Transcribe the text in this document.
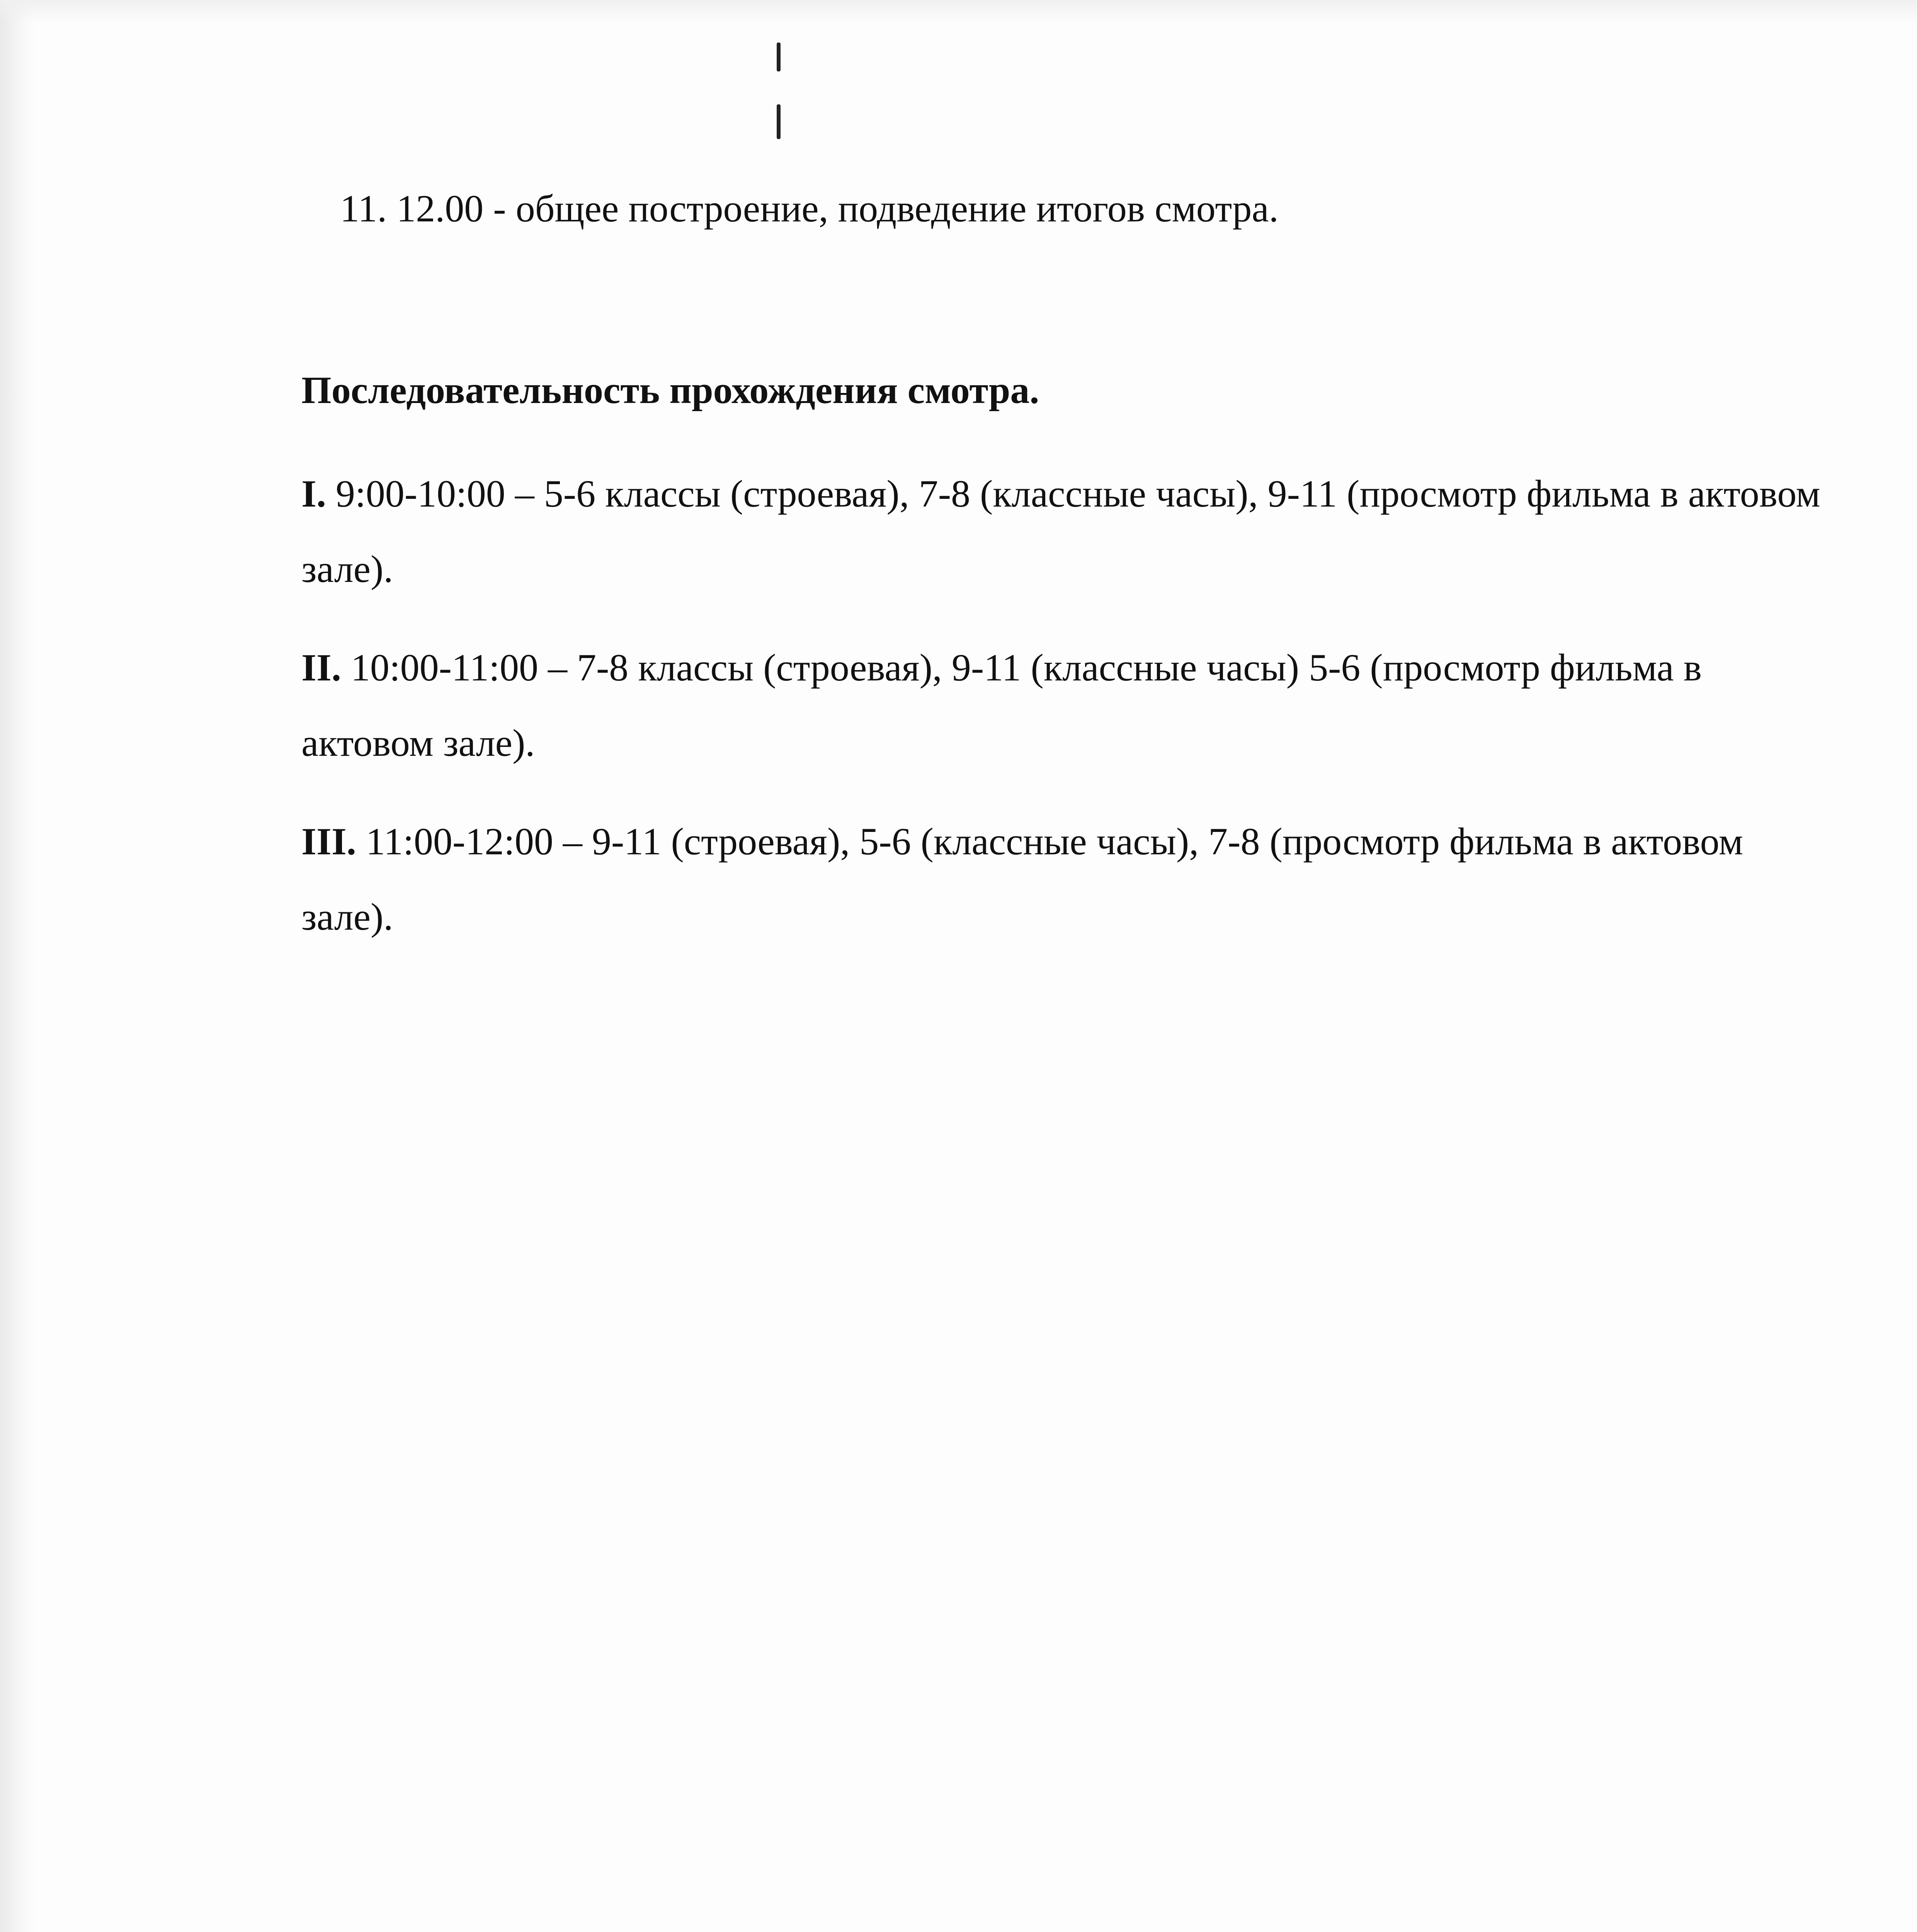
11. 12.00 - общее построение, подведение итогов смотра.

Последовательность прохождения смотра.

I. 9:00-10:00 – 5-6 классы (строевая), 7-8 (классные часы), 9-11 (просмотр фильма в актовом зале).

II. 10:00-11:00 – 7-8 классы (строевая), 9-11 (классные часы) 5-6 (просмотр фильма в актовом зале).

III. 11:00-12:00 – 9-11 (строевая), 5-6 (классные часы), 7-8 (просмотр фильма в актовом зале).
